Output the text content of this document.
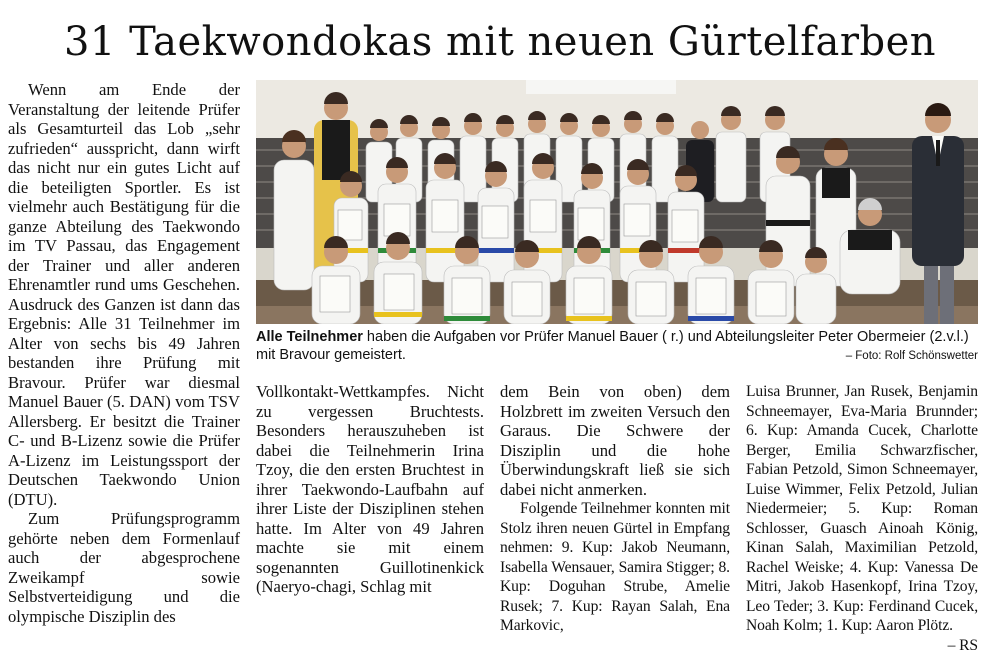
31 Taekwondokas mit neuen Gürtelfarben

Wenn am Ende der Veranstaltung der leitende Prüfer als Gesamturteil das Lob „sehr zufrieden“ ausspricht, dann wirft das nicht nur ein gutes Licht auf die beteiligten Sportler. Es ist vielmehr auch Bestätigung für die ganze Abteilung des Taekwondo im TV Passau, das Engagement der Trainer und aller anderen Ehrenamtler rund ums Geschehen. Ausdruck des Ganzen ist dann das Ergebnis: Alle 31 Teilnehmer im Alter von sechs bis 49 Jahren bestanden ihre Prüfung mit Bravour. Prüfer war diesmal Manuel Bauer (5. DAN) vom TSV Allersberg. Er besitzt die Trainer C- und B-Lizenz sowie die Prüfer A-Lizenz im Leistungssport der Deutschen Taekwondo Union (DTU).

Zum Prüfungsprogramm gehörte neben dem Formenlauf auch der abgesprochene Zweikampf sowie Selbstverteidigung und die olympische Disziplin des

Alle Teilnehmer haben die Aufgaben vor Prüfer Manuel Bauer ( r.) und Abteilungsleiter Peter Obermeier (2.v.l.) mit Bravour gemeistert.	– Foto: Rolf Schönswetter

Vollkontakt-Wettkampfes. Nicht zu vergessen Bruchtests. Besonders herauszuheben ist dabei die Teilnehmerin Irina Tzoy, die den ersten Bruchtest in ihrer Taekwondo-Laufbahn auf ihrer Liste der Disziplinen stehen hatte. Im Alter von 49 Jahren machte sie mit einem sogenannten Guillotinenkick (Naeryo-chagi, Schlag mit

dem Bein von oben) dem Holzbrett im zweiten Versuch den Garaus. Die Schwere der Disziplin und die hohe Überwindungskraft ließ sie sich dabei nicht anmerken.

Folgende Teilnehmer konnten mit Stolz ihren neuen Gürtel in Empfang nehmen: 9. Kup: Jakob Neumann, Isabella Wensauer, Samira Stigger; 8. Kup: Doguhan Strube, Amelie Rusek; 7. Kup: Rayan Salah, Ena Markovic,

Luisa Brunner, Jan Rusek, Benjamin Schneemayer, Eva-Maria Brunnder; 6. Kup: Amanda Cucek, Charlotte Berger, Emilia Schwarzfischer, Fabian Petzold, Simon Schneemayer, Luise Wimmer, Felix Petzold, Julian Niedermeier; 5. Kup: Roman Schlosser, Guasch Ainoah König, Kinan Salah, Maximilian Petzold, Rachel Weiske; 4. Kup: Vanessa De Mitri, Jakob Hasenkopf, Irina Tzoy, Leo Teder; 3. Kup: Ferdinand Cucek, Noah Kolm; 1. Kup: Aaron Plötz.
– RS
